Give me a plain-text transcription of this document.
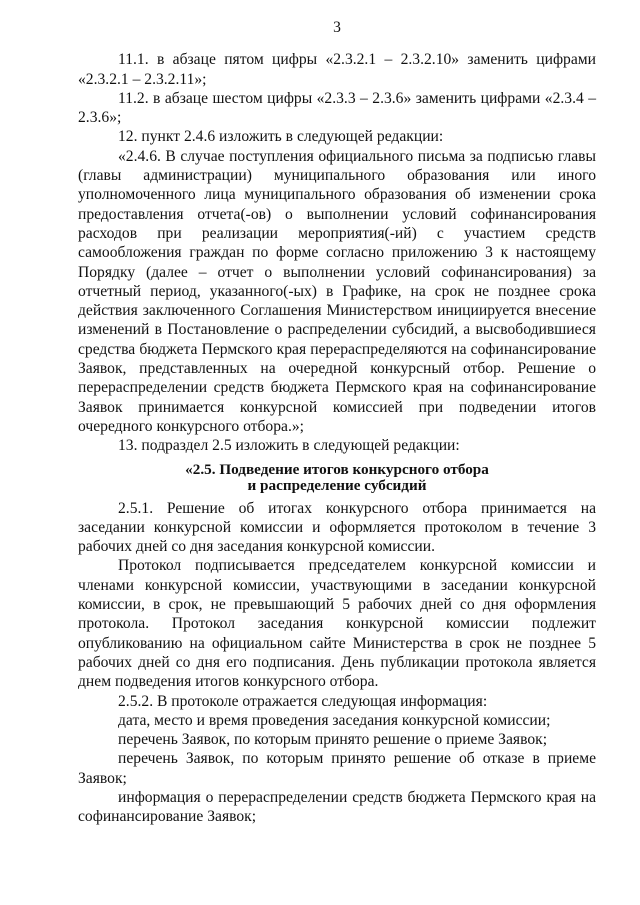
3

11.1. в абзаце пятом цифры «2.3.2.1 – 2.3.2.10» заменить цифрами «2.3.2.1 – 2.3.2.11»;

11.2. в абзаце шестом цифры «2.3.3 – 2.3.6» заменить цифрами «2.3.4 – 2.3.6»;

12. пункт 2.4.6 изложить в следующей редакции:

«2.4.6. В случае поступления официального письма за подписью главы (главы администрации) муниципального образования или иного уполномоченного лица муниципального образования об изменении срока предоставления отчета(-ов) о выполнении условий софинансирования расходов при реализации мероприятия(-ий) с участием средств самообложения граждан по форме согласно приложению 3 к настоящему Порядку (далее – отчет о выполнении условий софинансирования) за отчетный период, указанного(-ых) в Графике, на срок не позднее срока действия заключенного Соглашения Министерством инициируется внесение изменений в Постановление о распределении субсидий, а высвободившиеся средства бюджета Пермского края перераспределяются на софинансирование Заявок, представленных на очередной конкурсный отбор. Решение о перераспределении средств бюджета Пермского края на софинансирование Заявок принимается конкурсной комиссией при подведении итогов очередного конкурсного отбора.»;

13. подраздел 2.5 изложить в следующей редакции:

«2.5. Подведение итогов конкурсного отбора
и распределение субсидий

2.5.1. Решение об итогах конкурсного отбора принимается на заседании конкурсной комиссии и оформляется протоколом в течение 3 рабочих дней со дня заседания конкурсной комиссии.

Протокол подписывается председателем конкурсной комиссии и членами конкурсной комиссии, участвующими в заседании конкурсной комиссии, в срок, не превышающий 5 рабочих дней со дня оформления протокола. Протокол заседания конкурсной комиссии подлежит опубликованию на официальном сайте Министерства в срок не позднее 5 рабочих дней со дня его подписания. День публикации протокола является днем подведения итогов конкурсного отбора.

2.5.2. В протоколе отражается следующая информация:

дата, место и время проведения заседания конкурсной комиссии;

перечень Заявок, по которым принято решение о приеме Заявок;

перечень Заявок, по которым принято решение об отказе в приеме Заявок;

информация о перераспределении средств бюджета Пермского края на софинансирование Заявок;
